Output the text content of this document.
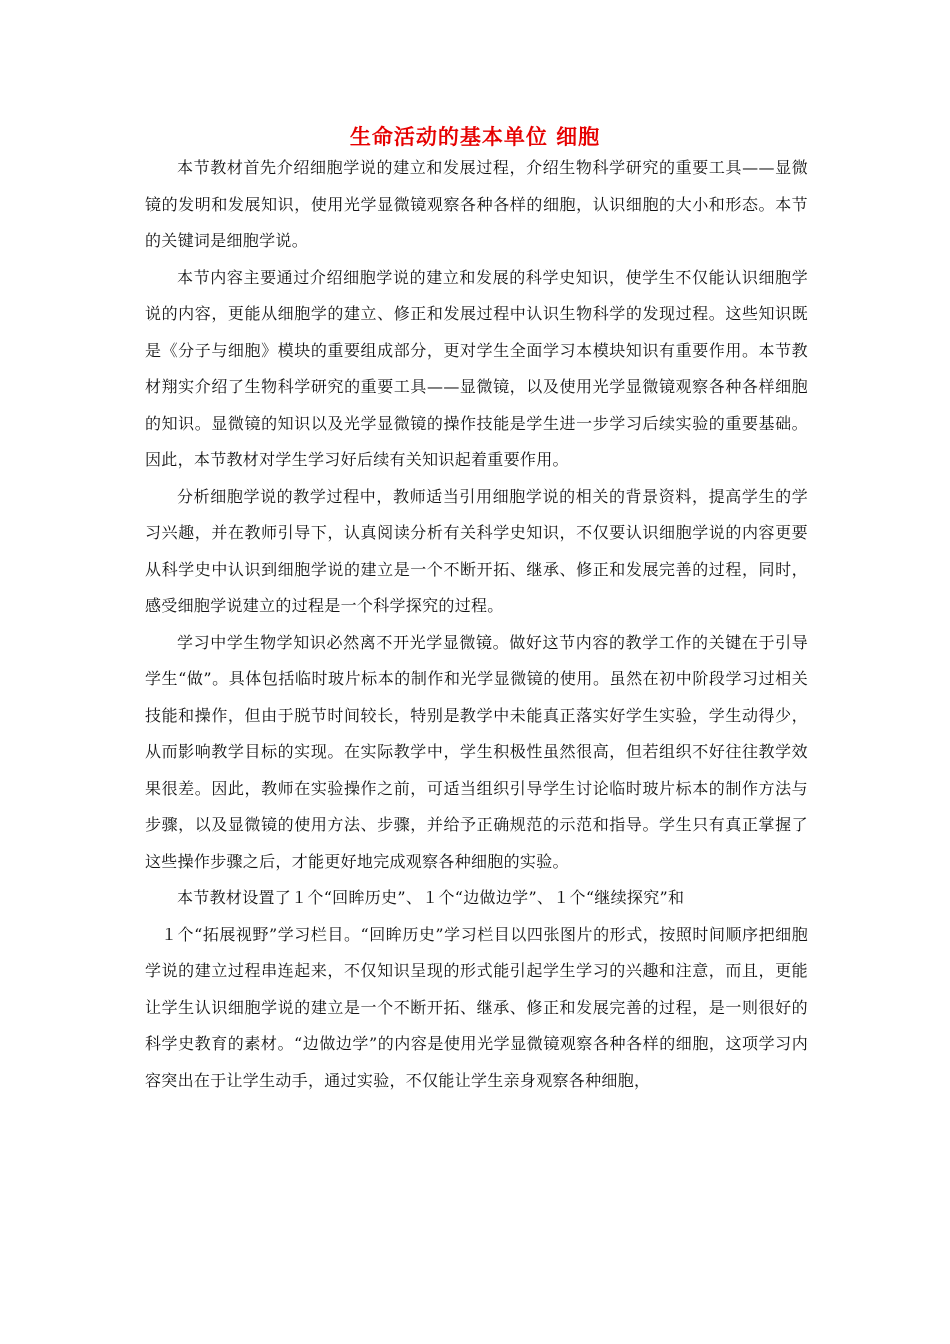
生命活动的基本单位 细胞

本节教材首先介绍细胞学说的建立和发展过程，介绍生物科学研究的重要工具——显微镜的发明和发展知识，使用光学显微镜观察各种各样的细胞，认识细胞的大小和形态。本节的关键词是细胞学说。

本节内容主要通过介绍细胞学说的建立和发展的科学史知识，使学生不仅能认识细胞学说的内容，更能从细胞学的建立、修正和发展过程中认识生物科学的发现过程。这些知识既是《分子与细胞》模块的重要组成部分，更对学生全面学习本模块知识有重要作用。本节教材翔实介绍了生物科学研究的重要工具——显微镜，以及使用光学显微镜观察各种各样细胞的知识。显微镜的知识以及光学显微镜的操作技能是学生进一步学习后续实验的重要基础。因此，本节教材对学生学习好后续有关知识起着重要作用。

分析细胞学说的教学过程中，教师适当引用细胞学说的相关的背景资料，提高学生的学习兴趣，并在教师引导下，认真阅读分析有关科学史知识，不仅要认识细胞学说的内容更要从科学史中认识到细胞学说的建立是一个不断开拓、继承、修正和发展完善的过程，同时，感受细胞学说建立的过程是一个科学探究的过程。

学习中学生物学知识必然离不开光学显微镜。做好这节内容的教学工作的关键在于引导学生“做”。具体包括临时玻片标本的制作和光学显微镜的使用。虽然在初中阶段学习过相关技能和操作，但由于脱节时间较长，特别是教学中未能真正落实好学生实验，学生动得少，从而影响教学目标的实现。在实际教学中，学生积极性虽然很高，但若组织不好往往教学效果很差。因此，教师在实验操作之前，可适当组织引导学生讨论临时玻片标本的制作方法与步骤，以及显微镜的使用方法、步骤，并给予正确规范的示范和指导。学生只有真正掌握了这些操作步骤之后，才能更好地完成观察各种细胞的实验。

本节教材设置了１个“回眸历史”、１个“边做边学”、１个“继续探究”和

１个“拓展视野”学习栏目。“回眸历史”学习栏目以四张图片的形式，按照时间顺序把细胞学说的建立过程串连起来，不仅知识呈现的形式能引起学生学习的兴趣和注意，而且，更能让学生认识细胞学说的建立是一个不断开拓、继承、修正和发展完善的过程，是一则很好的科学史教育的素材。“边做边学”的内容是使用光学显微镜观察各种各样的细胞，这项学习内容突出在于让学生动手，通过实验，不仅能让学生亲身观察各种细胞，
